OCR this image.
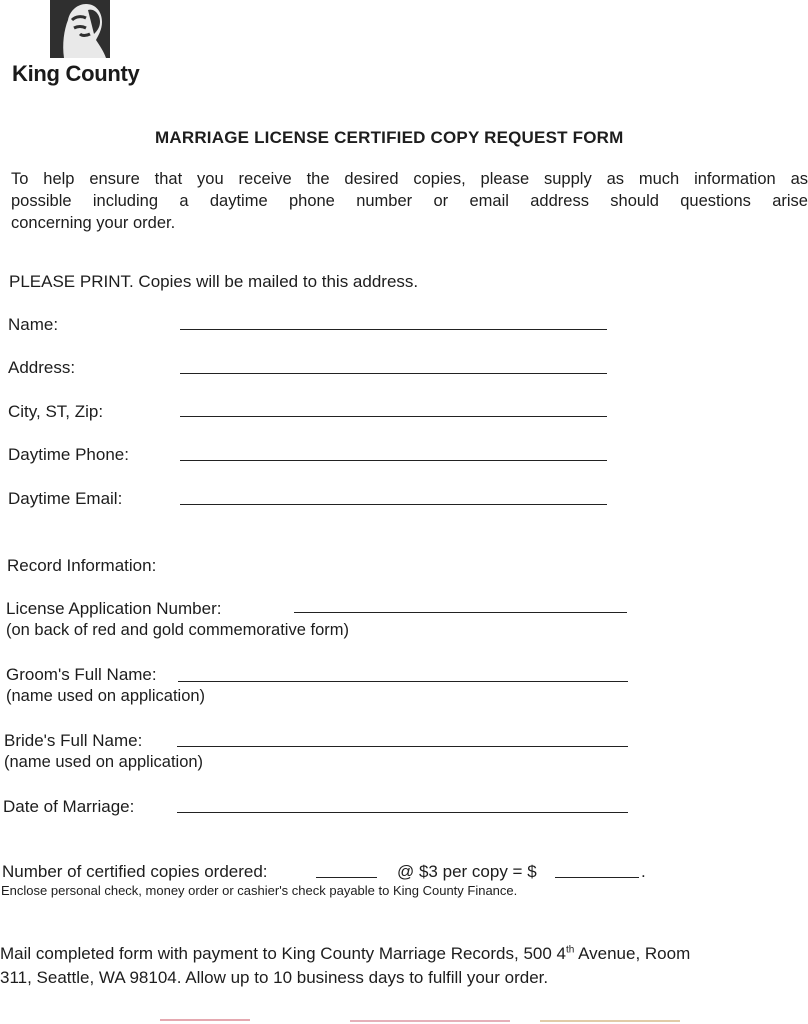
King County
MARRIAGE LICENSE CERTIFIED COPY REQUEST FORM
To help ensure that you receive the desired copies, please supply as much information as
possible including a daytime phone number or email address should questions arise
concerning your order.
PLEASE PRINT. Copies will be mailed to this address.
Name:
Address:
City, ST, Zip:
Daytime Phone:
Daytime Email:
Record Information:
License Application Number:
(on back of red and gold commemorative form)
Groom's Full Name:
(name used on application)
Bride's Full Name:
(name used on application)
Date of Marriage:
Number of certified copies ordered:	@ $3 per copy = $	.
Enclose personal check, money order or cashier's check payable to King County Finance.
Mail completed form with payment to King County Marriage Records, 500 4th Avenue, Room
311, Seattle, WA 98104. Allow up to 10 business days to fulfill your order.
